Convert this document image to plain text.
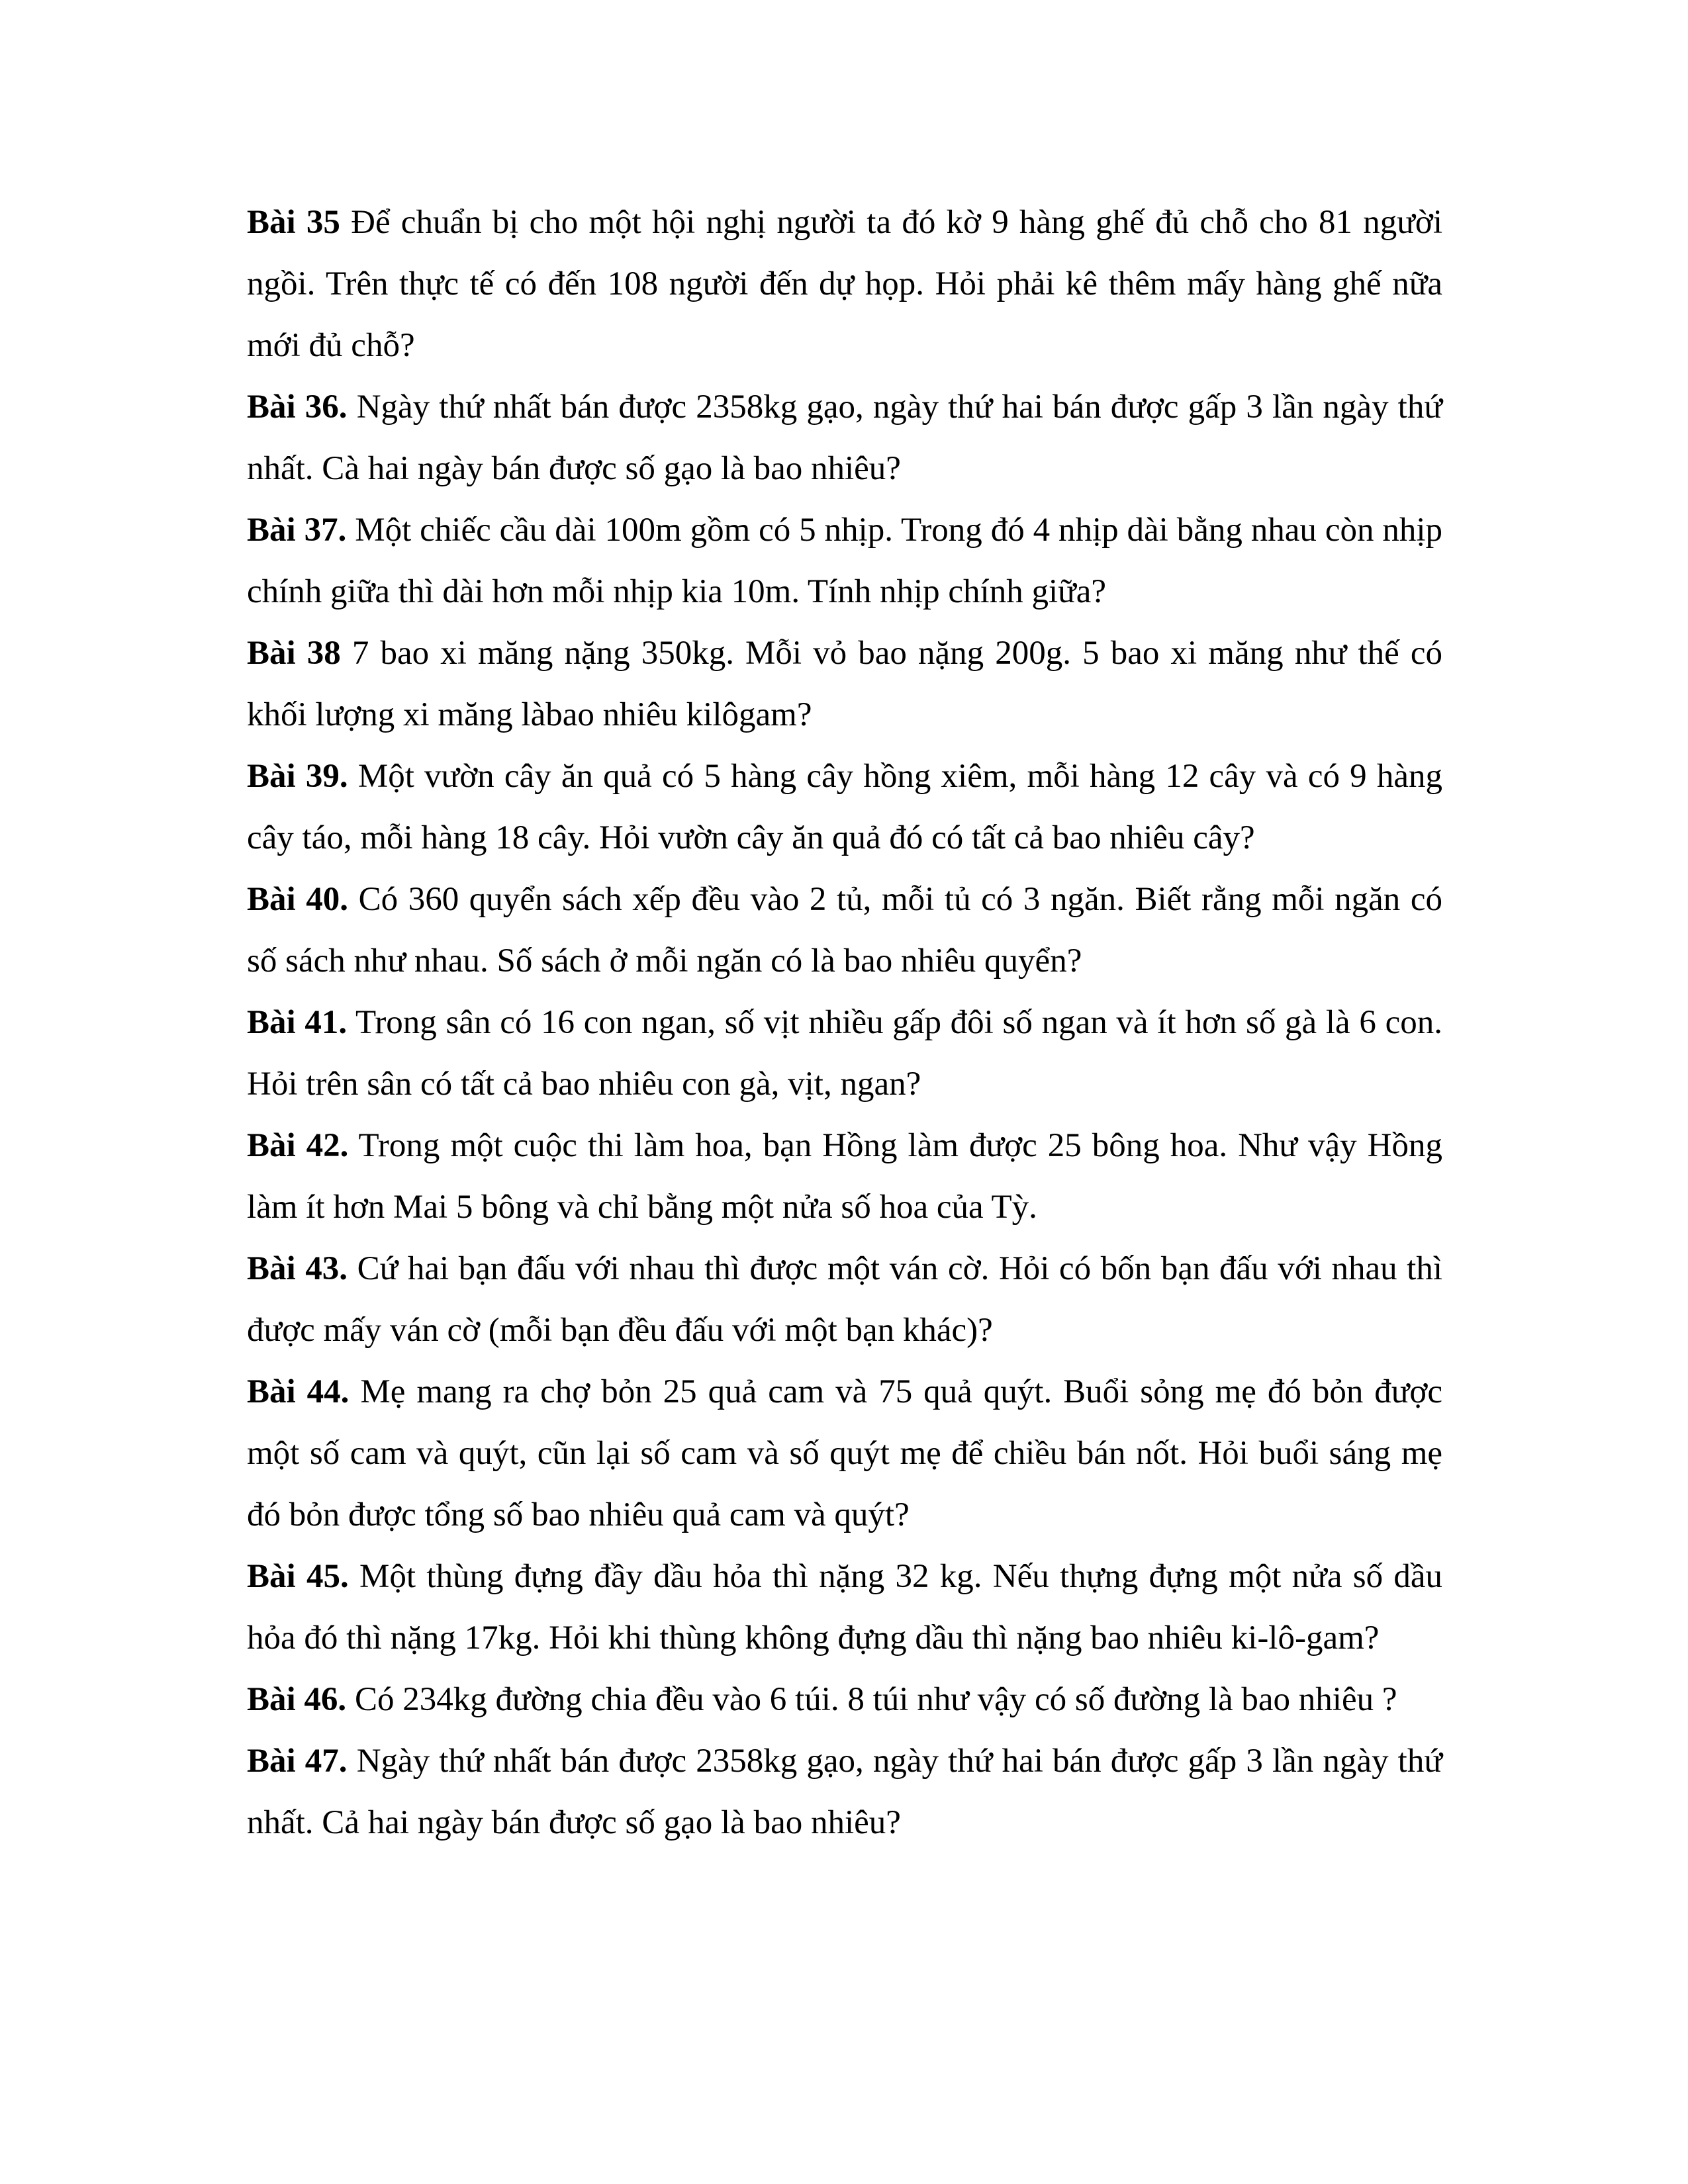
Bài 35 Để chuẩn bị cho một hội nghị người ta đó kờ 9 hàng ghế đủ chỗ cho 81 người ngồi. Trên thực tế có đến 108 người đến dự họp. Hỏi phải kê thêm mấy hàng ghế nữa mới đủ chỗ?

Bài 36. Ngày thứ nhất bán được 2358kg gạo, ngày thứ hai bán được gấp 3 lần ngày thứ nhất. Cà hai ngày bán được số gạo là bao nhiêu?

Bài 37. Một chiếc cầu dài 100m gồm có 5 nhịp. Trong đó 4 nhịp dài bằng nhau còn nhịp chính giữa thì dài hơn mỗi nhịp kia 10m. Tính nhịp chính giữa?

Bài 38 7 bao xi măng nặng 350kg. Mỗi vỏ bao nặng 200g. 5 bao xi măng như thế có khối lượng xi măng làbao nhiêu kilôgam?

Bài 39. Một vườn cây ăn quả có 5 hàng cây hồng xiêm, mỗi hàng 12 cây và có 9 hàng cây táo, mỗi hàng 18 cây. Hỏi vườn cây ăn quả đó có tất cả bao nhiêu cây?

Bài 40. Có 360 quyển sách xếp đều vào 2 tủ, mỗi tủ có 3 ngăn. Biết rằng mỗi ngăn có số sách như nhau. Số sách ở mỗi ngăn có là bao nhiêu quyển?

Bài 41. Trong sân có 16 con ngan, số vịt nhiều gấp đôi số ngan và ít hơn số gà là 6 con. Hỏi trên sân có tất cả bao nhiêu con gà, vịt, ngan?

Bài 42. Trong một cuộc thi làm hoa, bạn Hồng làm được 25 bông hoa. Như vậy Hồng làm ít hơn Mai 5 bông và chỉ bằng một nửa số hoa của Tỳ.

Bài 43. Cứ hai bạn đấu với nhau thì được một ván cờ. Hỏi có bốn bạn đấu với nhau thì được mấy ván cờ (mỗi bạn đều đấu với một bạn khác)?

Bài 44. Mẹ mang ra chợ bỏn 25 quả cam và 75 quả quýt. Buổi sỏng mẹ đó bỏn được một số cam và quýt, cũn lại số cam và số quýt mẹ để chiều bán nốt. Hỏi buổi sáng mẹ đó bỏn được tổng số bao nhiêu quả cam và quýt?

Bài 45. Một thùng đựng đầy dầu hỏa thì nặng 32 kg. Nếu thựng đựng một nửa số dầu hỏa đó thì nặng 17kg. Hỏi khi thùng không đựng dầu thì nặng bao nhiêu ki-lô-gam?

Bài 46. Có 234kg đường chia đều vào 6 túi. 8 túi như vậy có số đường là bao nhiêu ?

Bài 47. Ngày thứ nhất bán được 2358kg gạo, ngày thứ hai bán được gấp 3 lần ngày thứ nhất. Cả hai ngày bán được số gạo là bao nhiêu?
